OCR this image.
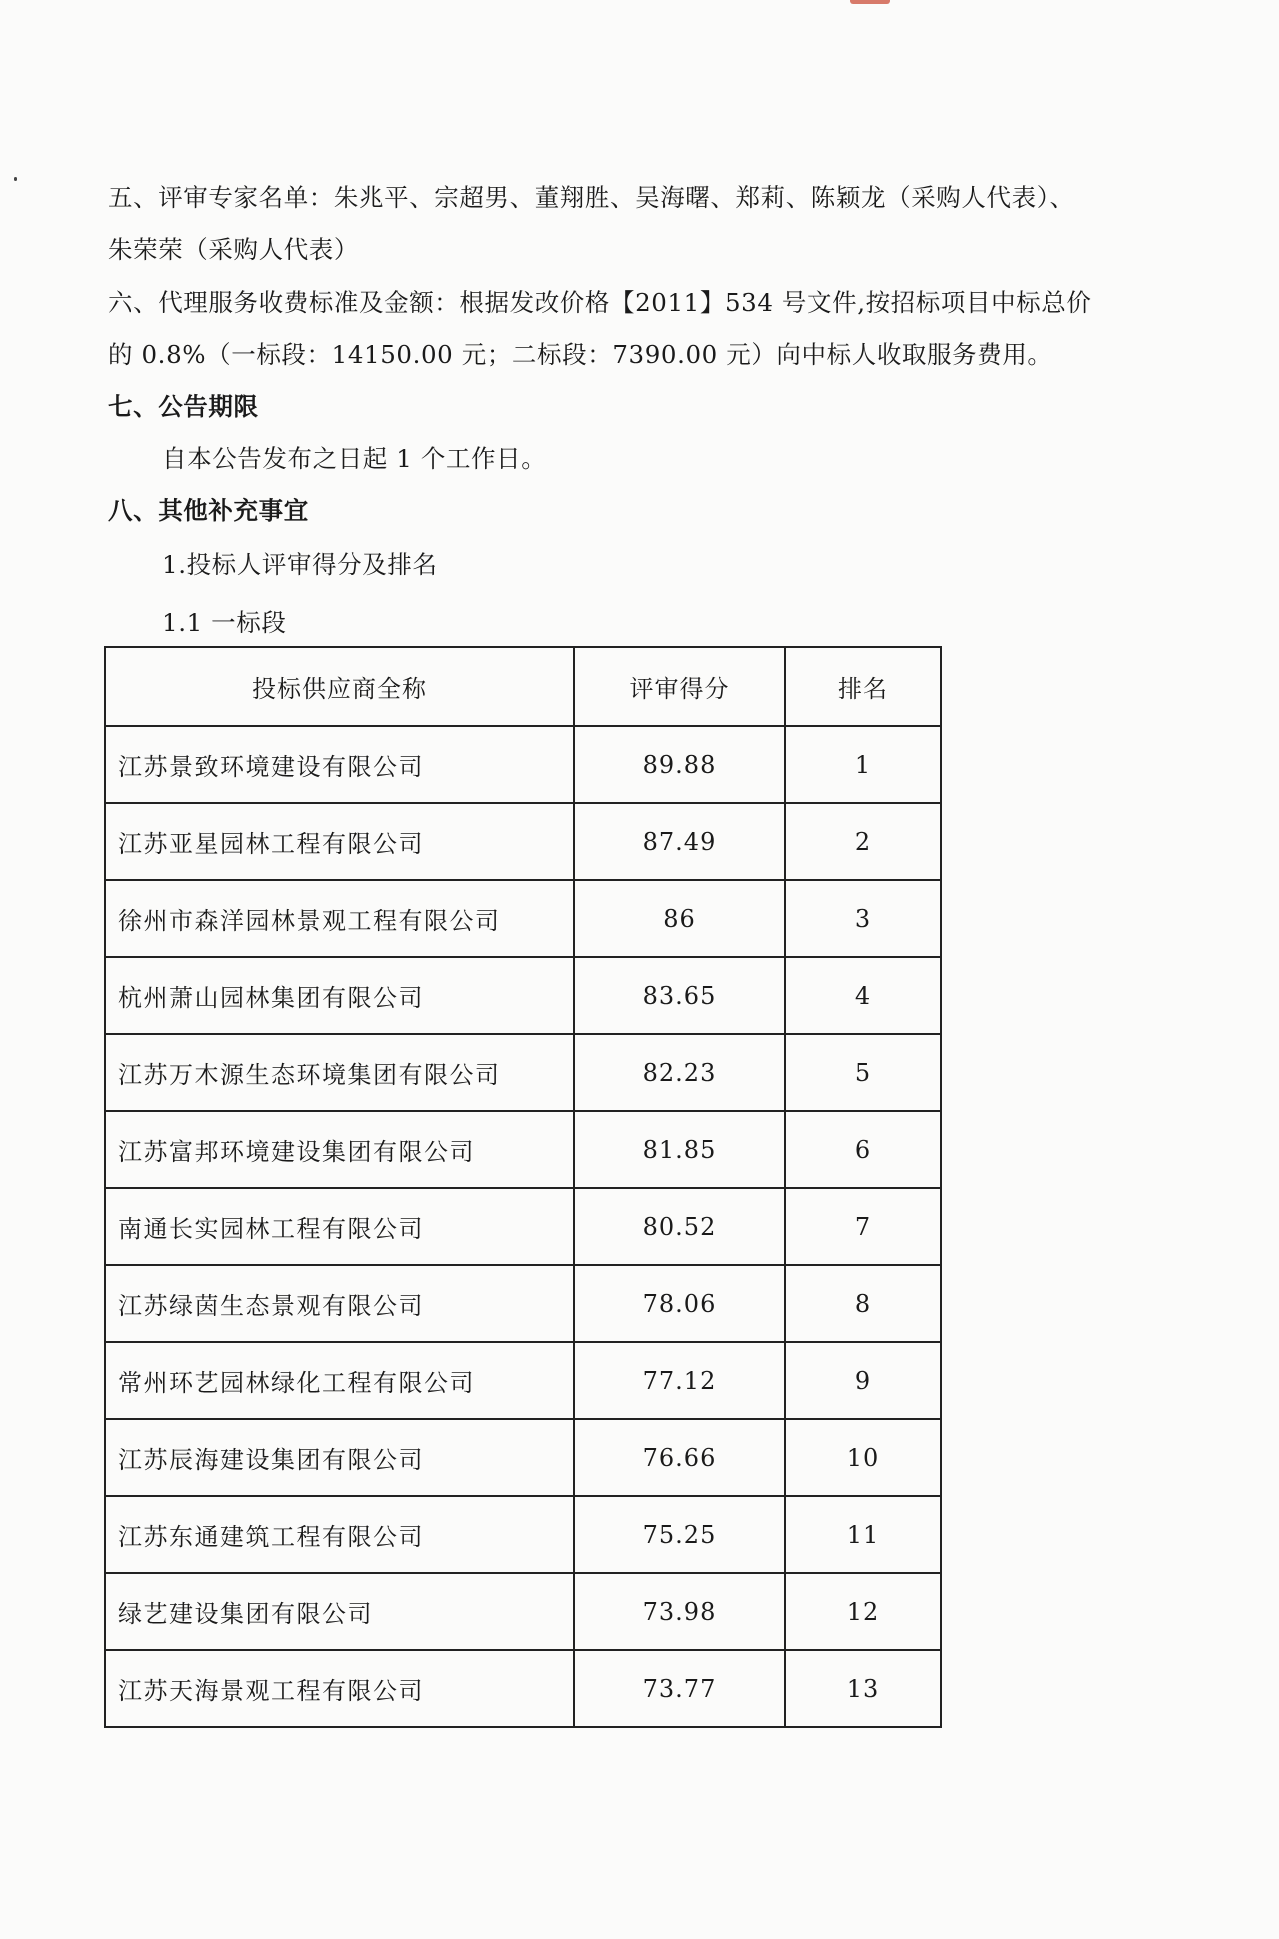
五、评审专家名单：朱兆平、宗超男、董翔胜、吴海曙、郑莉、陈颖龙（采购人代表）、
朱荣荣（采购人代表）
六、代理服务收费标准及金额：根据发改价格【2011】534 号文件,按招标项目中标总价
的 0.8%（一标段：14150.00 元；二标段：7390.00 元）向中标人收取服务费用。
七、公告期限
自本公告发布之日起 1 个工作日。
八、其他补充事宜
1.投标人评审得分及排名
1.1 一标段
投标供应商全称	评审得分	排名
江苏景致环境建设有限公司	89.88	1
江苏亚星园林工程有限公司	87.49	2
徐州市森洋园林景观工程有限公司	86	3
杭州萧山园林集团有限公司	83.65	4
江苏万木源生态环境集团有限公司	82.23	5
江苏富邦环境建设集团有限公司	81.85	6
南通长实园林工程有限公司	80.52	7
江苏绿茵生态景观有限公司	78.06	8
常州环艺园林绿化工程有限公司	77.12	9
江苏辰海建设集团有限公司	76.66	10
江苏东通建筑工程有限公司	75.25	11
绿艺建设集团有限公司	73.98	12
江苏天海景观工程有限公司	73.77	13
